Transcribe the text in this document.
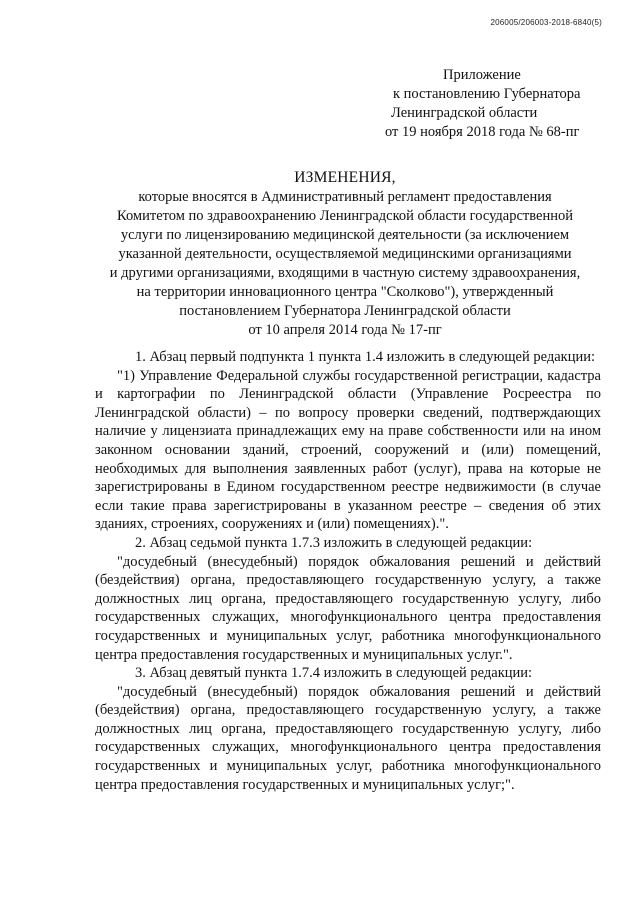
206005/206003-2018-6840(5)
Приложение
к постановлению Губернатора
Ленинградской области
от 19 ноября 2018 года № 68-пг
ИЗМЕНЕНИЯ,
которые вносятся в Административный регламент предоставления
Комитетом по здравоохранению Ленинградской области государственной
услуги по лицензированию медицинской деятельности (за исключением
указанной деятельности, осуществляемой медицинскими организациями
и другими организациями, входящими в частную систему здравоохранения,
на территории инновационного центра "Сколково"), утвержденный
постановлением Губернатора Ленинградской области
от 10 апреля 2014 года № 17-пг

1. Абзац первый подпункта 1 пункта 1.4 изложить в следующей редакции:

"1) Управление Федеральной службы государственной регистрации, кадастра и картографии по Ленинградской области (Управление Росреестра по Ленинградской области) – по вопросу проверки сведений, подтверждающих наличие у лицензиата принадлежащих ему на праве собственности или на ином законном основании зданий, строений, сооружений и (или) помещений, необходимых для выполнения заявленных работ (услуг), права на которые не зарегистрированы в Едином государственном реестре недвижимости (в случае если такие права зарегистрированы в указанном реестре – сведения об этих зданиях, строениях, сооружениях и (или) помещениях).".

2. Абзац седьмой пункта 1.7.3 изложить в следующей редакции:

"досудебный (внесудебный) порядок обжалования решений и действий (бездействия) органа, предоставляющего государственную услугу, а также должностных лиц органа, предоставляющего государственную услугу, либо государственных служащих, многофункционального центра предоставления государственных и муниципальных услуг, работника многофункционального центра предоставления государственных и муниципальных услуг.".

3. Абзац девятый пункта 1.7.4 изложить в следующей редакции:

"досудебный (внесудебный) порядок обжалования решений и действий (бездействия) органа, предоставляющего государственную услугу, а также должностных лиц органа, предоставляющего государственную услугу, либо государственных служащих, многофункционального центра предоставления государственных и муниципальных услуг, работника многофункционального центра предоставления государственных и муниципальных услуг;".
